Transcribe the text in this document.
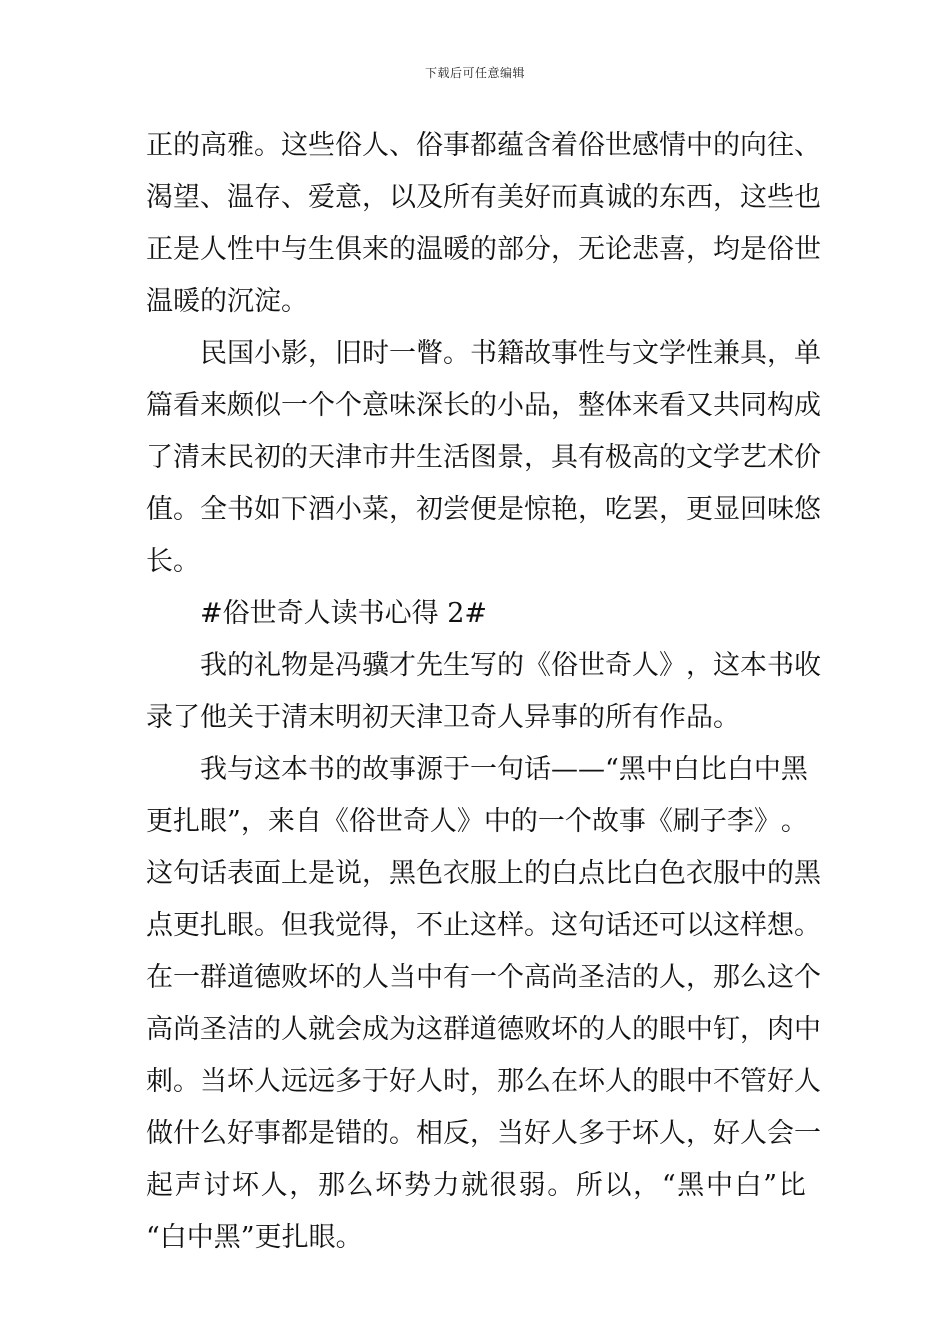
下载后可任意编辑
正 的 高 雅 。 这 些 俗 人 、 俗 事 都 蕴 含 着 俗 世 感 情 中 的 向 往 、
渴 望 、 温 存 、 爱 意 ， 以 及 所 有 美 好 而 真 诚 的 东 西 ， 这 些 也
正 是 人 性 中 与 生 俱 来 的 温 暖 的 部 分 ， 无 论 悲 喜 ， 均 是 俗 世
温暖的沉淀。
民 国 小 影 ， 旧 时 一 瞥 。 书 籍 故 事 性 与 文 学 性 兼 具 ， 单
篇 看 来 颇 似 一 个 个 意 味 深 长 的 小 品 ， 整 体 来 看 又 共 同 构 成
了 清 末 民 初 的 天 津 市 井 生 活 图 景 ， 具 有 极 高 的 文 学 艺 术 价
值 。 全 书 如 下 酒 小 菜 ， 初 尝 便 是 惊 艳 ， 吃 罢 ， 更 显 回 味 悠
长。
#俗世奇人读书心得 2#
我 的 礼 物 是 冯 骥 才 先 生 写 的 《 俗 世 奇 人 》 ， 这 本 书 收
录了他关于清末明初天津卫奇人异事的所有作品。
我 与 这 本 书 的 故 事 源 于 一 句 话 — — “ 黑 中 白 比 白 中 黑
更 扎 眼 ” ， 来 自 《 俗 世 奇 人 》 中 的 一 个 故 事 《 刷 子 李 》 。
这 句 话 表 面 上 是 说 ， 黑 色 衣 服 上 的 白 点 比 白 色 衣 服 中 的 黑
点 更 扎 眼 。 但 我 觉 得 ， 不 止 这 样 。 这 句 话 还 可 以 这 样 想 。
在 一 群 道 德 败 坏 的 人 当 中 有 一 个 高 尚 圣 洁 的 人 ， 那 么 这 个
高 尚 圣 洁 的 人 就 会 成 为 这 群 道 德 败 坏 的 人 的 眼 中 钉 ， 肉 中
刺 。 当 坏 人 远 远 多 于 好 人 时 ， 那 么 在 坏 人 的 眼 中 不 管 好 人
做 什 么 好 事 都 是 错 的 。 相 反 ， 当 好 人 多 于 坏 人 ， 好 人 会 一
起 声 讨 坏 人 ， 那 么 坏 势 力 就 很 弱 。 所 以 ， “ 黑 中 白 ” 比
“白中黑”更扎眼。
